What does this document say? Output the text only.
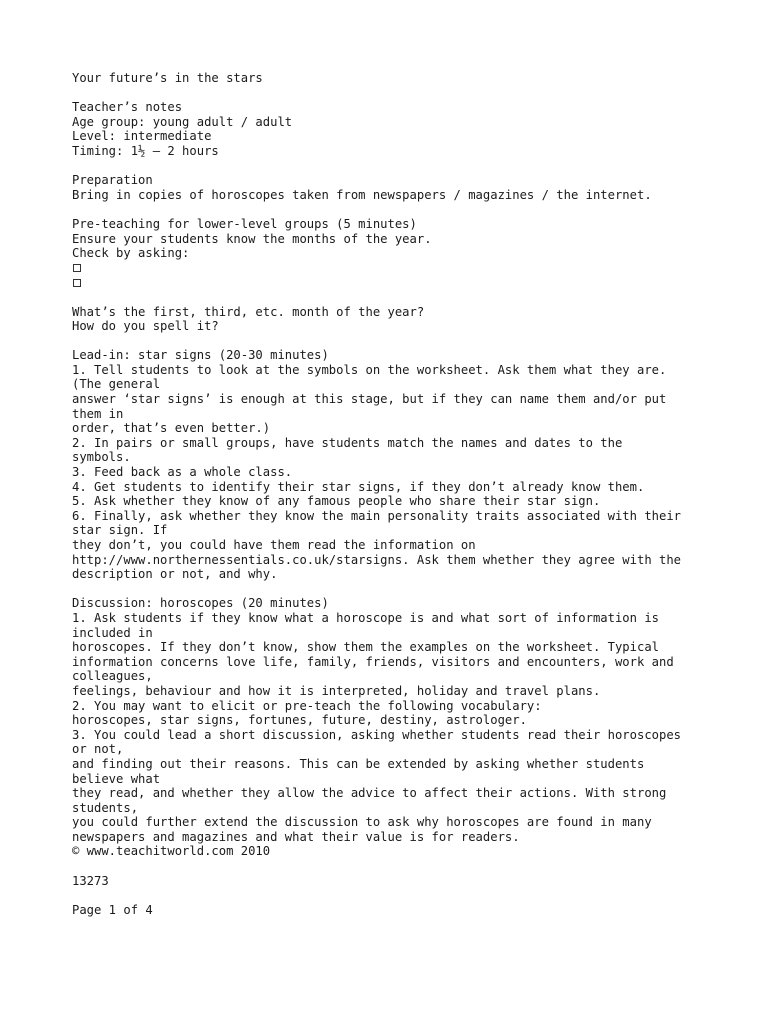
Your future’s in the stars
Teacher’s notes
Age group: young adult / adult
Level: intermediate
Timing: 1½ – 2 hours
Preparation
Bring in copies of horoscopes taken from newspapers / magazines / the internet.
Pre-teaching for lower-level groups (5 minutes)
Ensure your students know the months of the year.
Check by asking:
What’s the first, third, etc. month of the year?
How do you spell it?
Lead-in: star signs (20-30 minutes)
1. Tell students to look at the symbols on the worksheet. Ask them what they are.
(The general
answer ‘star signs’ is enough at this stage, but if they can name them and/or put
them in
order, that’s even better.)
2. In pairs or small groups, have students match the names and dates to the
symbols.
3. Feed back as a whole class.
4. Get students to identify their star signs, if they don’t already know them.
5. Ask whether they know of any famous people who share their star sign.
6. Finally, ask whether they know the main personality traits associated with their
star sign. If
they don’t, you could have them read the information on
http://www.northernessentials.co.uk/starsigns. Ask them whether they agree with the
description or not, and why.
Discussion: horoscopes (20 minutes)
1. Ask students if they know what a horoscope is and what sort of information is
included in
horoscopes. If they don’t know, show them the examples on the worksheet. Typical
information concerns love life, family, friends, visitors and encounters, work and
colleagues,
feelings, behaviour and how it is interpreted, holiday and travel plans.
2. You may want to elicit or pre-teach the following vocabulary:
horoscopes, star signs, fortunes, future, destiny, astrologer.
3. You could lead a short discussion, asking whether students read their horoscopes
or not,
and finding out their reasons. This can be extended by asking whether students
believe what
they read, and whether they allow the advice to affect their actions. With strong
students,
you could further extend the discussion to ask why horoscopes are found in many
newspapers and magazines and what their value is for readers.
© www.teachitworld.com 2010
13273
Page 1 of 4
